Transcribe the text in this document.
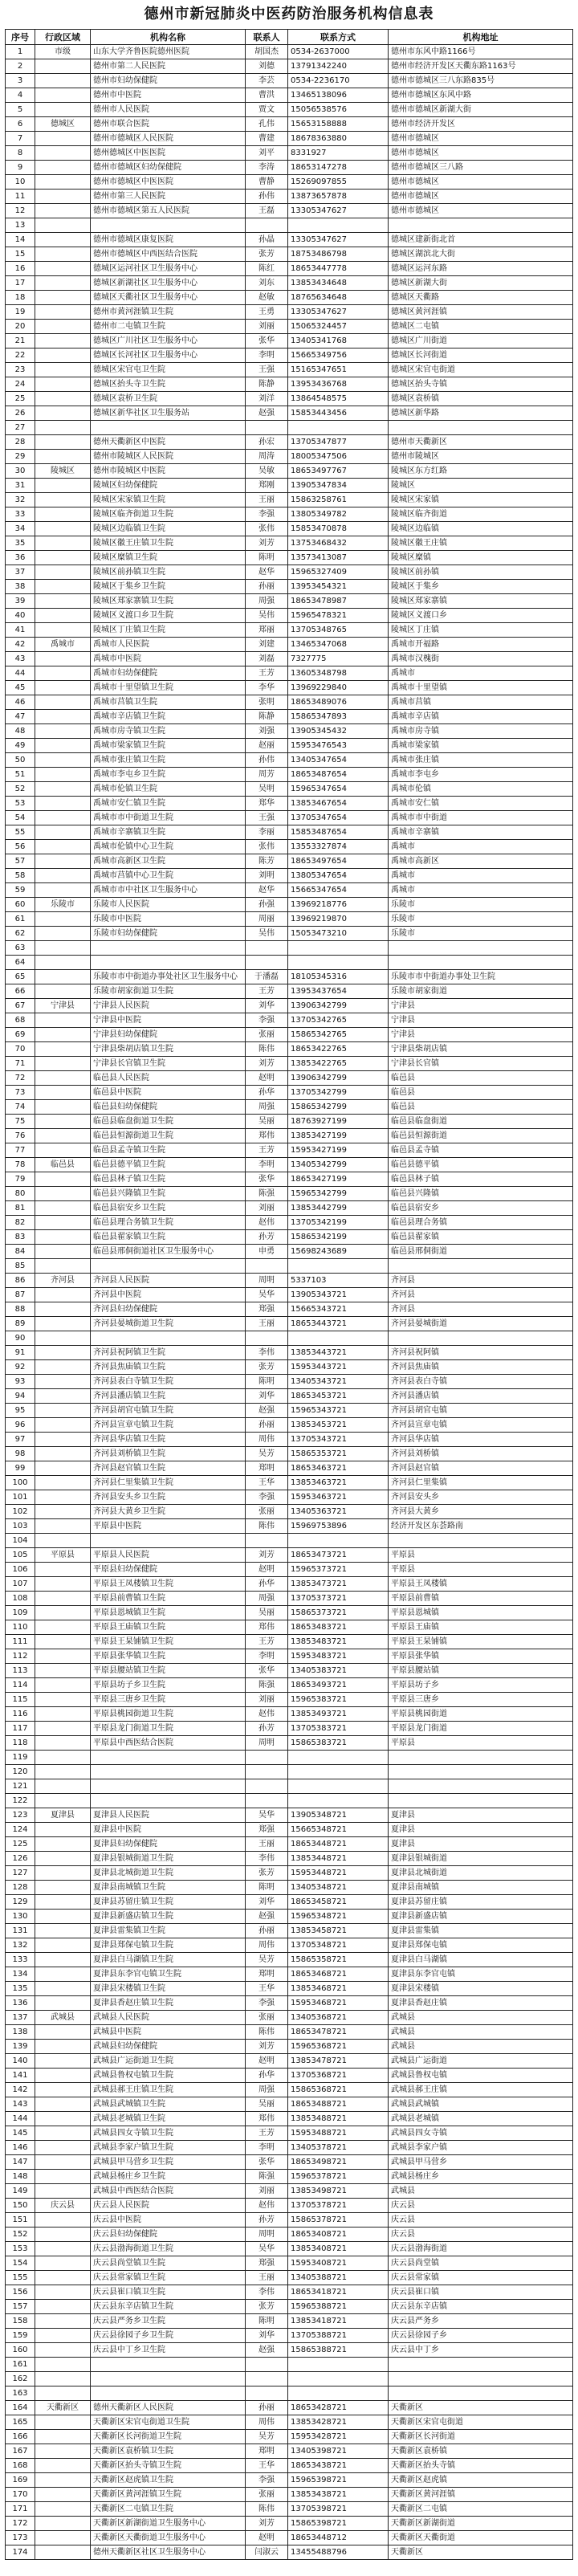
德州市新冠肺炎中医药防治服务机构信息表
序号	行政区域	机构名称	联系人	联系方式	机构地址
1	市级	山东大学齐鲁医院德州医院	胡国杰	0534-2637000	德州市东风中路1166号
2		德州市第二人民医院	刘德	13791342240	德州市经济开发区天衢东路1163号
3		德州市妇幼保健院	李芸	0534-2236170	德州市德城区三八东路835号
4		德州市中医院	曹洪	13465138096	德州市德城区东风中路
5		德州市人民医院	贾文	15056538576	德州市德城区新湖大街
6	德城区	德州市联合医院	孔伟	15653158888	德州市经济开发区
7		德州市德城区人民医院	曹建	18678363880	德州市德城区
8		德州德城区中医医院	刘平	8331927	德州市德城区
9		德州市德城区妇幼保健院	李涛	18653147278	德州市德城区三八路
10		德州市德城区中医医院	曹静	15269097855	德州市德城区
11		德州市第三人民医院	孙伟	13873657878	德州市德城区
12		德州市德城区第五人民医院	王磊	13305347627	德州市德城区
13					
14		德州市德城区康复医院	孙晶	13305347627	德城区建新街北首
15		德州市德城区中西医结合医院	张芳	18753486798	德城区湖滨北大街
16		德城区运河社区卫生服务中心	陈红	18653447778	德城区运河东路
17		德城区新湖社区卫生服务中心	刘东	13853434648	德城区新湖大街
18		德城区天衢社区卫生服务中心	赵敏	18765634648	德城区天衢路
19		德州市黄河涯镇卫生院	王勇	13305347627	德城区黄河涯镇
20		德州市二屯镇卫生院	刘丽	15065324457	德城区二屯镇
21		德城区广川社区卫生服务中心	张华	13405341768	德城区广川街道
22		德城区长河社区卫生服务中心	李明	15665349756	德城区长河街道
23		德城区宋官屯卫生院	王强	15165347651	德城区宋官屯街道
24		德城区抬头寺卫生院	陈静	13953436768	德城区抬头寺镇
25		德城区袁桥卫生院	刘洋	13864548575	德城区袁桥镇
26		德城区新华社区卫生服务站	赵强	15853443456	德城区新华路
27					
28		德州天衢新区中医院	孙宏	13705347877	德州市天衢新区
29		德州市陵城区人民医院	周涛	18005347506	德州市陵城区
30	陵城区	德州市陵城区中医院	吴敏	18653497767	陵城区东方红路
31		陵城区妇幼保健院	郑刚	13905347834	陵城区
32		陵城区宋家镇卫生院	王丽	15863258761	陵城区宋家镇
33		陵城区临齐街道卫生院	李强	13805349782	陵城区临齐街道
34		陵城区边临镇卫生院	张伟	15853470878	陵城区边临镇
35		陵城区徽王庄镇卫生院	刘芳	13753468432	陵城区徽王庄镇
36		陵城区糜镇卫生院	陈明	13573413087	陵城区糜镇
37		陵城区前孙镇卫生院	赵华	15965327409	陵城区前孙镇
38		陵城区于集乡卫生院	孙丽	13953454321	陵城区于集乡
39		陵城区郑家寨镇卫生院	周强	18653478987	陵城区郑家寨镇
40		陵城区义渡口乡卫生院	吴伟	15965478321	陵城区义渡口乡
41		陵城区丁庄镇卫生院	郑丽	13705348765	陵城区丁庄镇
42	禹城市	禹城市人民医院	刘建	13465347068	禹城市开福路
43		禹城市中医院	刘磊	7327775	禹城市汉槐街
44		禹城市妇幼保健院	王芳	13605348798	禹城市
45		禹城市十里望镇卫生院	李华	13969229840	禹城市十里望镇
46		禹城市莒镇卫生院	张明	18653489076	禹城市莒镇
47		禹城市辛店镇卫生院	陈静	15865347893	禹城市辛店镇
48		禹城市房寺镇卫生院	刘强	13905345432	禹城市房寺镇
49		禹城市梁家镇卫生院	赵丽	15953476543	禹城市梁家镇
50		禹城市张庄镇卫生院	孙伟	13405347654	禹城市张庄镇
51		禹城市李屯乡卫生院	周芳	18653487654	禹城市李屯乡
52		禹城市伦镇卫生院	吴明	15965347654	禹城市伦镇
53		禹城市安仁镇卫生院	郑华	13853467654	禹城市安仁镇
54		禹城市市中街道卫生院	王强	13705347654	禹城市市中街道
55		禹城市辛寨镇卫生院	李丽	15853487654	禹城市辛寨镇
56		禹城市伦镇中心卫生院	张伟	13553327874	禹城市
57		禹城市高新区卫生院	陈芳	18653497654	禹城市高新区
58		禹城市莒镇中心卫生院	刘明	13805347654	禹城市
59		禹城市市中社区卫生服务中心	赵华	15665347654	禹城市
60	乐陵市	乐陵市人民医院	孙强	13969218776	乐陵市
61		乐陵市中医院	周丽	13969219870	乐陵市
62		乐陵市妇幼保健院	吴伟	15053473210	乐陵市
63					
64					
65		乐陵市市中街道办事处社区卫生服务中心	于潘磊	18105345316	乐陵市市中街道办事处卫生院
66		乐陵市胡家街道卫生院	王芳	13953437654	乐陵市胡家街道
67	宁津县	宁津县人民医院	刘华	13906342799	宁津县
68		宁津县中医院	李强	13705342765	宁津县
69		宁津县妇幼保健院	张丽	15865342765	宁津县
70		宁津县柴胡店镇卫生院	陈伟	18653422765	宁津县柴胡店镇
71		宁津县长官镇卫生院	刘芳	13853422765	宁津县长官镇
72		临邑县人民医院	赵明	13906342799	临邑县
73		临邑县中医院	孙华	13705342799	临邑县
74		临邑县妇幼保健院	周强	15865342799	临邑县
75		临邑县临盘街道卫生院	吴丽	18763927199	临邑县临盘街道
76		临邑县恒源街道卫生院	郑伟	13853427199	临邑县恒源街道
77		临邑县孟寺镇卫生院	王芳	15953427199	临邑县孟寺镇
78	临邑县	临邑县德平镇卫生院	李明	13405342799	临邑县德平镇
79		临邑县林子镇卫生院	张华	18653427199	临邑县林子镇
80		临邑县兴隆镇卫生院	陈强	15965342799	临邑县兴隆镇
81		临邑县宿安乡卫生院	刘丽	13853442799	临邑县宿安乡
82		临邑县理合务镇卫生院	赵伟	13705342199	临邑县理合务镇
83		临邑县翟家镇卫生院	孙芳	15865342199	临邑县翟家镇
84		临邑县邢侗街道社区卫生服务中心	申勇	15698243689	临邑县邢侗街道
85					
86	齐河县	齐河县人民医院	周明	5337103	齐河县
87		齐河县中医院	吴华	13905343721	齐河县
88		齐河县妇幼保健院	郑强	15665343721	齐河县
89		齐河县晏城街道卫生院	王丽	18653443721	齐河县晏城街道
90					
91		齐河县祝阿镇卫生院	李伟	13853443721	齐河县祝阿镇
92		齐河县焦庙镇卫生院	张芳	15953443721	齐河县焦庙镇
93		齐河县表白寺镇卫生院	陈明	13405343721	齐河县表白寺镇
94		齐河县潘店镇卫生院	刘华	18653453721	齐河县潘店镇
95		齐河县胡官屯镇卫生院	赵强	15965343721	齐河县胡官屯镇
96		齐河县宣章屯镇卫生院	孙丽	13853453721	齐河县宣章屯镇
97		齐河县华店镇卫生院	周伟	13705343721	齐河县华店镇
98		齐河县刘桥镇卫生院	吴芳	15865353721	齐河县刘桥镇
99		齐河县赵官镇卫生院	郑明	18653463721	齐河县赵官镇
100		齐河县仁里集镇卫生院	王华	13853463721	齐河县仁里集镇
101		齐河县安头乡卫生院	李强	15953463721	齐河县安头乡
102		齐河县大黄乡卫生院	张丽	13405363721	齐河县大黄乡
103		平原县中医院	陈伟	15969753896	经济开发区东荟路南
104					
105	平原县	平原县人民医院	刘芳	18653473721	平原县
106		平原县妇幼保健院	赵明	15965373721	平原县
107		平原县王凤楼镇卫生院	孙华	13853473721	平原县王凤楼镇
108		平原县前曹镇卫生院	周强	13705373721	平原县前曹镇
109		平原县恩城镇卫生院	吴丽	15865373721	平原县恩城镇
110		平原县王庙镇卫生院	郑伟	18653483721	平原县王庙镇
111		平原县王杲铺镇卫生院	王芳	13853483721	平原县王杲铺镇
112		平原县张华镇卫生院	李明	15953483721	平原县张华镇
113		平原县腰站镇卫生院	张华	13405383721	平原县腰站镇
114		平原县坊子乡卫生院	陈强	18653493721	平原县坊子乡
115		平原县三唐乡卫生院	刘丽	15965383721	平原县三唐乡
116		平原县桃园街道卫生院	赵伟	13853493721	平原县桃园街道
117		平原县龙门街道卫生院	孙芳	13705383721	平原县龙门街道
118		平原县中西医结合医院	周明	15865383721	平原县
119					
120					
121					
122					
123	夏津县	夏津县人民医院	吴华	13905348721	夏津县
124		夏津县中医院	郑强	15665348721	夏津县
125		夏津县妇幼保健院	王丽	18653448721	夏津县
126		夏津县银城街道卫生院	李伟	13853448721	夏津县银城街道
127		夏津县北城街道卫生院	张芳	15953448721	夏津县北城街道
128		夏津县南城镇卫生院	陈明	13405348721	夏津县南城镇
129		夏津县苏留庄镇卫生院	刘华	18653458721	夏津县苏留庄镇
130		夏津县新盛店镇卫生院	赵强	15965348721	夏津县新盛店镇
131		夏津县雷集镇卫生院	孙丽	13853458721	夏津县雷集镇
132		夏津县郑保屯镇卫生院	周伟	13705348721	夏津县郑保屯镇
133		夏津县白马湖镇卫生院	吴芳	15865358721	夏津县白马湖镇
134		夏津县东李官屯镇卫生院	郑明	18653468721	夏津县东李官屯镇
135		夏津县宋楼镇卫生院	王华	13853468721	夏津县宋楼镇
136		夏津县香赵庄镇卫生院	李强	15953468721	夏津县香赵庄镇
137	武城县	武城县人民医院	张丽	13405368721	武城县
138		武城县中医院	陈伟	18653478721	武城县
139		武城县妇幼保健院	刘芳	15965368721	武城县
140		武城县广运街道卫生院	赵明	13853478721	武城县广运街道
141		武城县鲁权屯镇卫生院	孙华	13705368721	武城县鲁权屯镇
142		武城县郝王庄镇卫生院	周强	15865368721	武城县郝王庄镇
143		武城县武城镇卫生院	吴丽	18653488721	武城县武城镇
144		武城县老城镇卫生院	郑伟	13853488721	武城县老城镇
145		武城县四女寺镇卫生院	王芳	15953488721	武城县四女寺镇
146		武城县李家户镇卫生院	李明	13405378721	武城县李家户镇
147		武城县甲马营乡卫生院	张华	18653498721	武城县甲马营乡
148		武城县杨庄乡卫生院	陈强	15965378721	武城县杨庄乡
149		武城县中西医结合医院	刘丽	13853498721	武城县
150	庆云县	庆云县人民医院	赵伟	13705378721	庆云县
151		庆云县中医院	孙芳	15865378721	庆云县
152		庆云县妇幼保健院	周明	18653408721	庆云县
153		庆云县渤海街道卫生院	吴华	13853408721	庆云县渤海街道
154		庆云县尚堂镇卫生院	郑强	15953408721	庆云县尚堂镇
155		庆云县常家镇卫生院	王丽	13405388721	庆云县常家镇
156		庆云县崔口镇卫生院	李伟	18653418721	庆云县崔口镇
157		庆云县东辛店镇卫生院	张芳	15965388721	庆云县东辛店镇
158		庆云县严务乡卫生院	陈明	13853418721	庆云县严务乡
159		庆云县徐园子乡卫生院	刘华	13705388721	庆云县徐园子乡
160		庆云县中丁乡卫生院	赵强	15865388721	庆云县中丁乡
161					
162					
163					
164	天衢新区	德州天衢新区人民医院	孙丽	18653428721	天衢新区
165		天衢新区宋官屯街道卫生院	周伟	13853428721	天衢新区宋官屯街道
166		天衢新区长河街道卫生院	吴芳	15953428721	天衢新区长河街道
167		天衢新区袁桥镇卫生院	郑明	13405398721	天衢新区袁桥镇
168		天衢新区抬头寺镇卫生院	王华	18653438721	天衢新区抬头寺镇
169		天衢新区赵虎镇卫生院	李强	15965398721	天衢新区赵虎镇
170		天衢新区黄河涯镇卫生院	张丽	13853438721	天衢新区黄河涯镇
171		天衢新区二屯镇卫生院	陈伟	13705398721	天衢新区二屯镇
172		天衢新区新湖街道卫生服务中心	刘芳	15865398721	天衢新区新湖街道
173		天衢新区天衢街道卫生服务中心	赵明	18653448712	天衢新区天衢街道
174		德州天衢新区社区卫生服务中心	闫淑云	13455488796	天衢新区
